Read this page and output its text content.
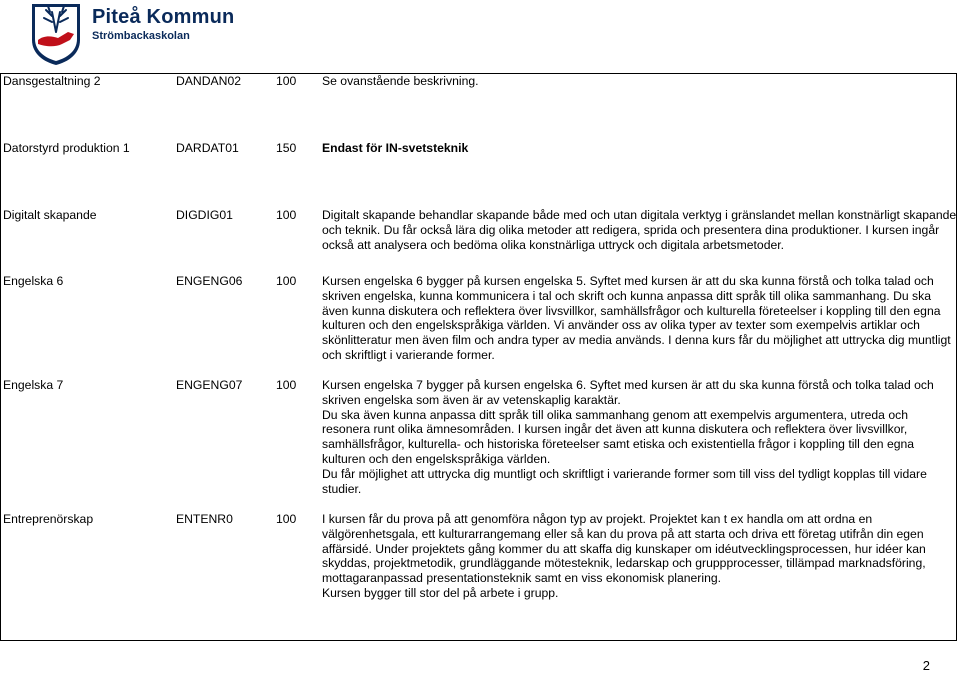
Piteå Kommun
Strömbackaskolan
Dansgestaltning 2	DANDAN02	100	Se ovanstående beskrivning.
Datorstyrd produktion 1	DARDAT01	150	Endast för IN-svetsteknik
Digitalt skapande	DIGDIG01	100	Digitalt skapande behandlar skapande både med och utan digitala verktyg i gränslandet mellan konstnärligt skapande och teknik. Du får också lära dig olika metoder att redigera, sprida och presentera dina produktioner. I kursen ingår också att analysera och bedöma olika konstnärliga uttryck och digitala arbetsmetoder.
Engelska 6	ENGENG06	100	Kursen engelska 6 bygger på kursen engelska 5. Syftet med kursen är att du ska kunna förstå och tolka talad och skriven engelska, kunna kommunicera i tal och skrift och kunna anpassa ditt språk till olika sammanhang. Du ska även kunna diskutera och reflektera över livsvillkor, samhällsfrågor och kulturella företeelser i koppling till den egna kulturen och den engelskspråkiga världen. Vi använder oss av olika typer av texter som exempelvis artiklar och skönlitteratur men även film och andra typer av media används. I denna kurs får du möjlighet att uttrycka dig muntligt och skriftligt i varierande former.
Engelska 7	ENGENG07	100	Kursen engelska 7 bygger på kursen engelska 6. Syftet med kursen är att du ska kunna förstå och tolka talad och skriven engelska som även är av vetenskaplig karaktär.
Du ska även kunna anpassa ditt språk till olika sammanhang genom att exempelvis argumentera, utreda och resonera runt olika ämnesområden. I kursen ingår det även att kunna diskutera och reflektera över livsvillkor, samhällsfrågor, kulturella- och historiska företeelser samt etiska och existentiella frågor i koppling till den egna kulturen och den engelskspråkiga världen.
Du får möjlighet att uttrycka dig muntligt och skriftligt i varierande former som till viss del tydligt kopplas till vidare studier.

Entreprenörskap	ENTENR0	100	I kursen får du prova på att genomföra någon typ av projekt. Projektet kan t ex handla om att ordna en välgörenhetsgala, ett kulturarrangemang eller så kan du prova på att starta och driva ett företag utifrån din egen affärsidé. Under projektets gång kommer du att skaffa dig kunskaper om idéutvecklingsprocessen, hur idéer kan skyddas, projektmetodik, grundläggande mötesteknik, ledarskap och gruppprocesser, tillämpad marknadsföring, mottagaranpassad presentationsteknik samt en viss ekonomisk planering.
Kursen bygger till stor del på arbete i grupp.
2
